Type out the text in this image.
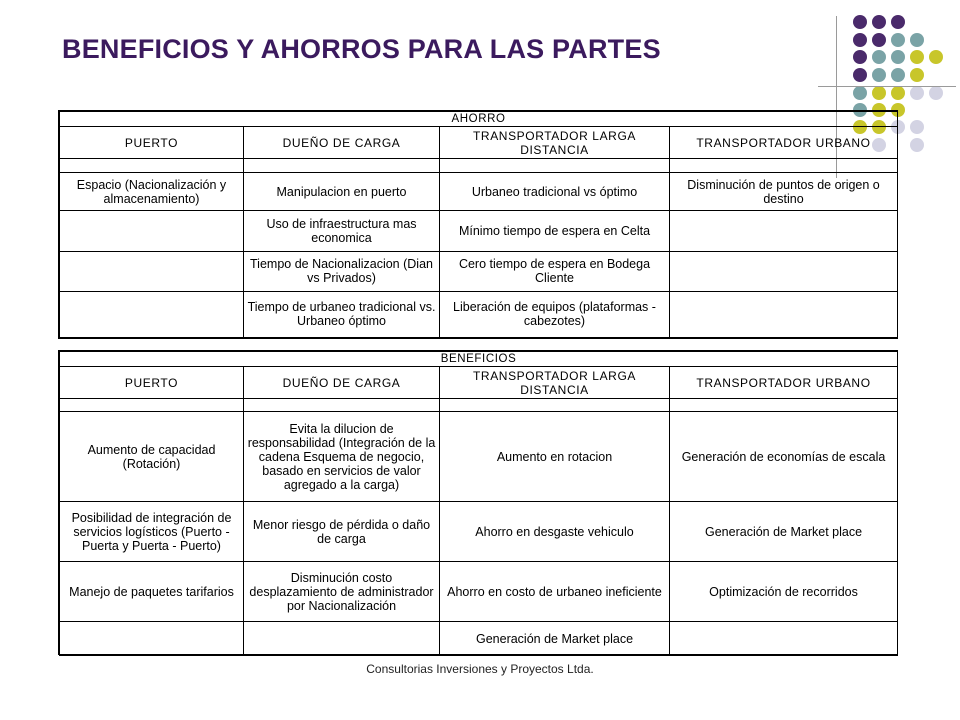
BENEFICIOS Y AHORROS PARA LAS PARTES
AHORRO			
PUERTO	DUEÑO DE CARGA	TRANSPORTADOR LARGA DISTANCIA	TRANSPORTADOR URBANO

Espacio (Nacionalización y almacenamiento)	Manipulacion en puerto	Urbaneo tradicional vs óptimo	Disminución de puntos de origen o destino
	Uso de infraestructura mas economica	Mínimo tiempo de espera en Celta	
	Tiempo de Nacionalizacion (Dian vs Privados)	Cero tiempo de espera en Bodega Cliente	
	Tiempo de urbaneo tradicional vs. Urbaneo óptimo	Liberación de equipos (plataformas - cabezotes)	
BENEFICIOS			
PUERTO	DUEÑO DE CARGA	TRANSPORTADOR LARGA DISTANCIA	TRANSPORTADOR URBANO

Aumento de capacidad (Rotación)	Evita la dilucion de responsabilidad (Integración de la cadena Esquema de negocio, basado en servicios de valor agregado a la carga)	Aumento en rotacion	Generación de economías de escala
Posibilidad de integración de servicios logísticos (Puerto - Puerta y Puerta - Puerto)	Menor riesgo de pérdida o daño de carga	Ahorro en desgaste vehiculo	Generación de Market place
Manejo de paquetes tarifarios	Disminución costo desplazamiento de administrador por Nacionalización	Ahorro en costo de urbaneo ineficiente	Optimización de recorridos
		Generación de Market place	
Consultorias Inversiones y Proyectos Ltda.
